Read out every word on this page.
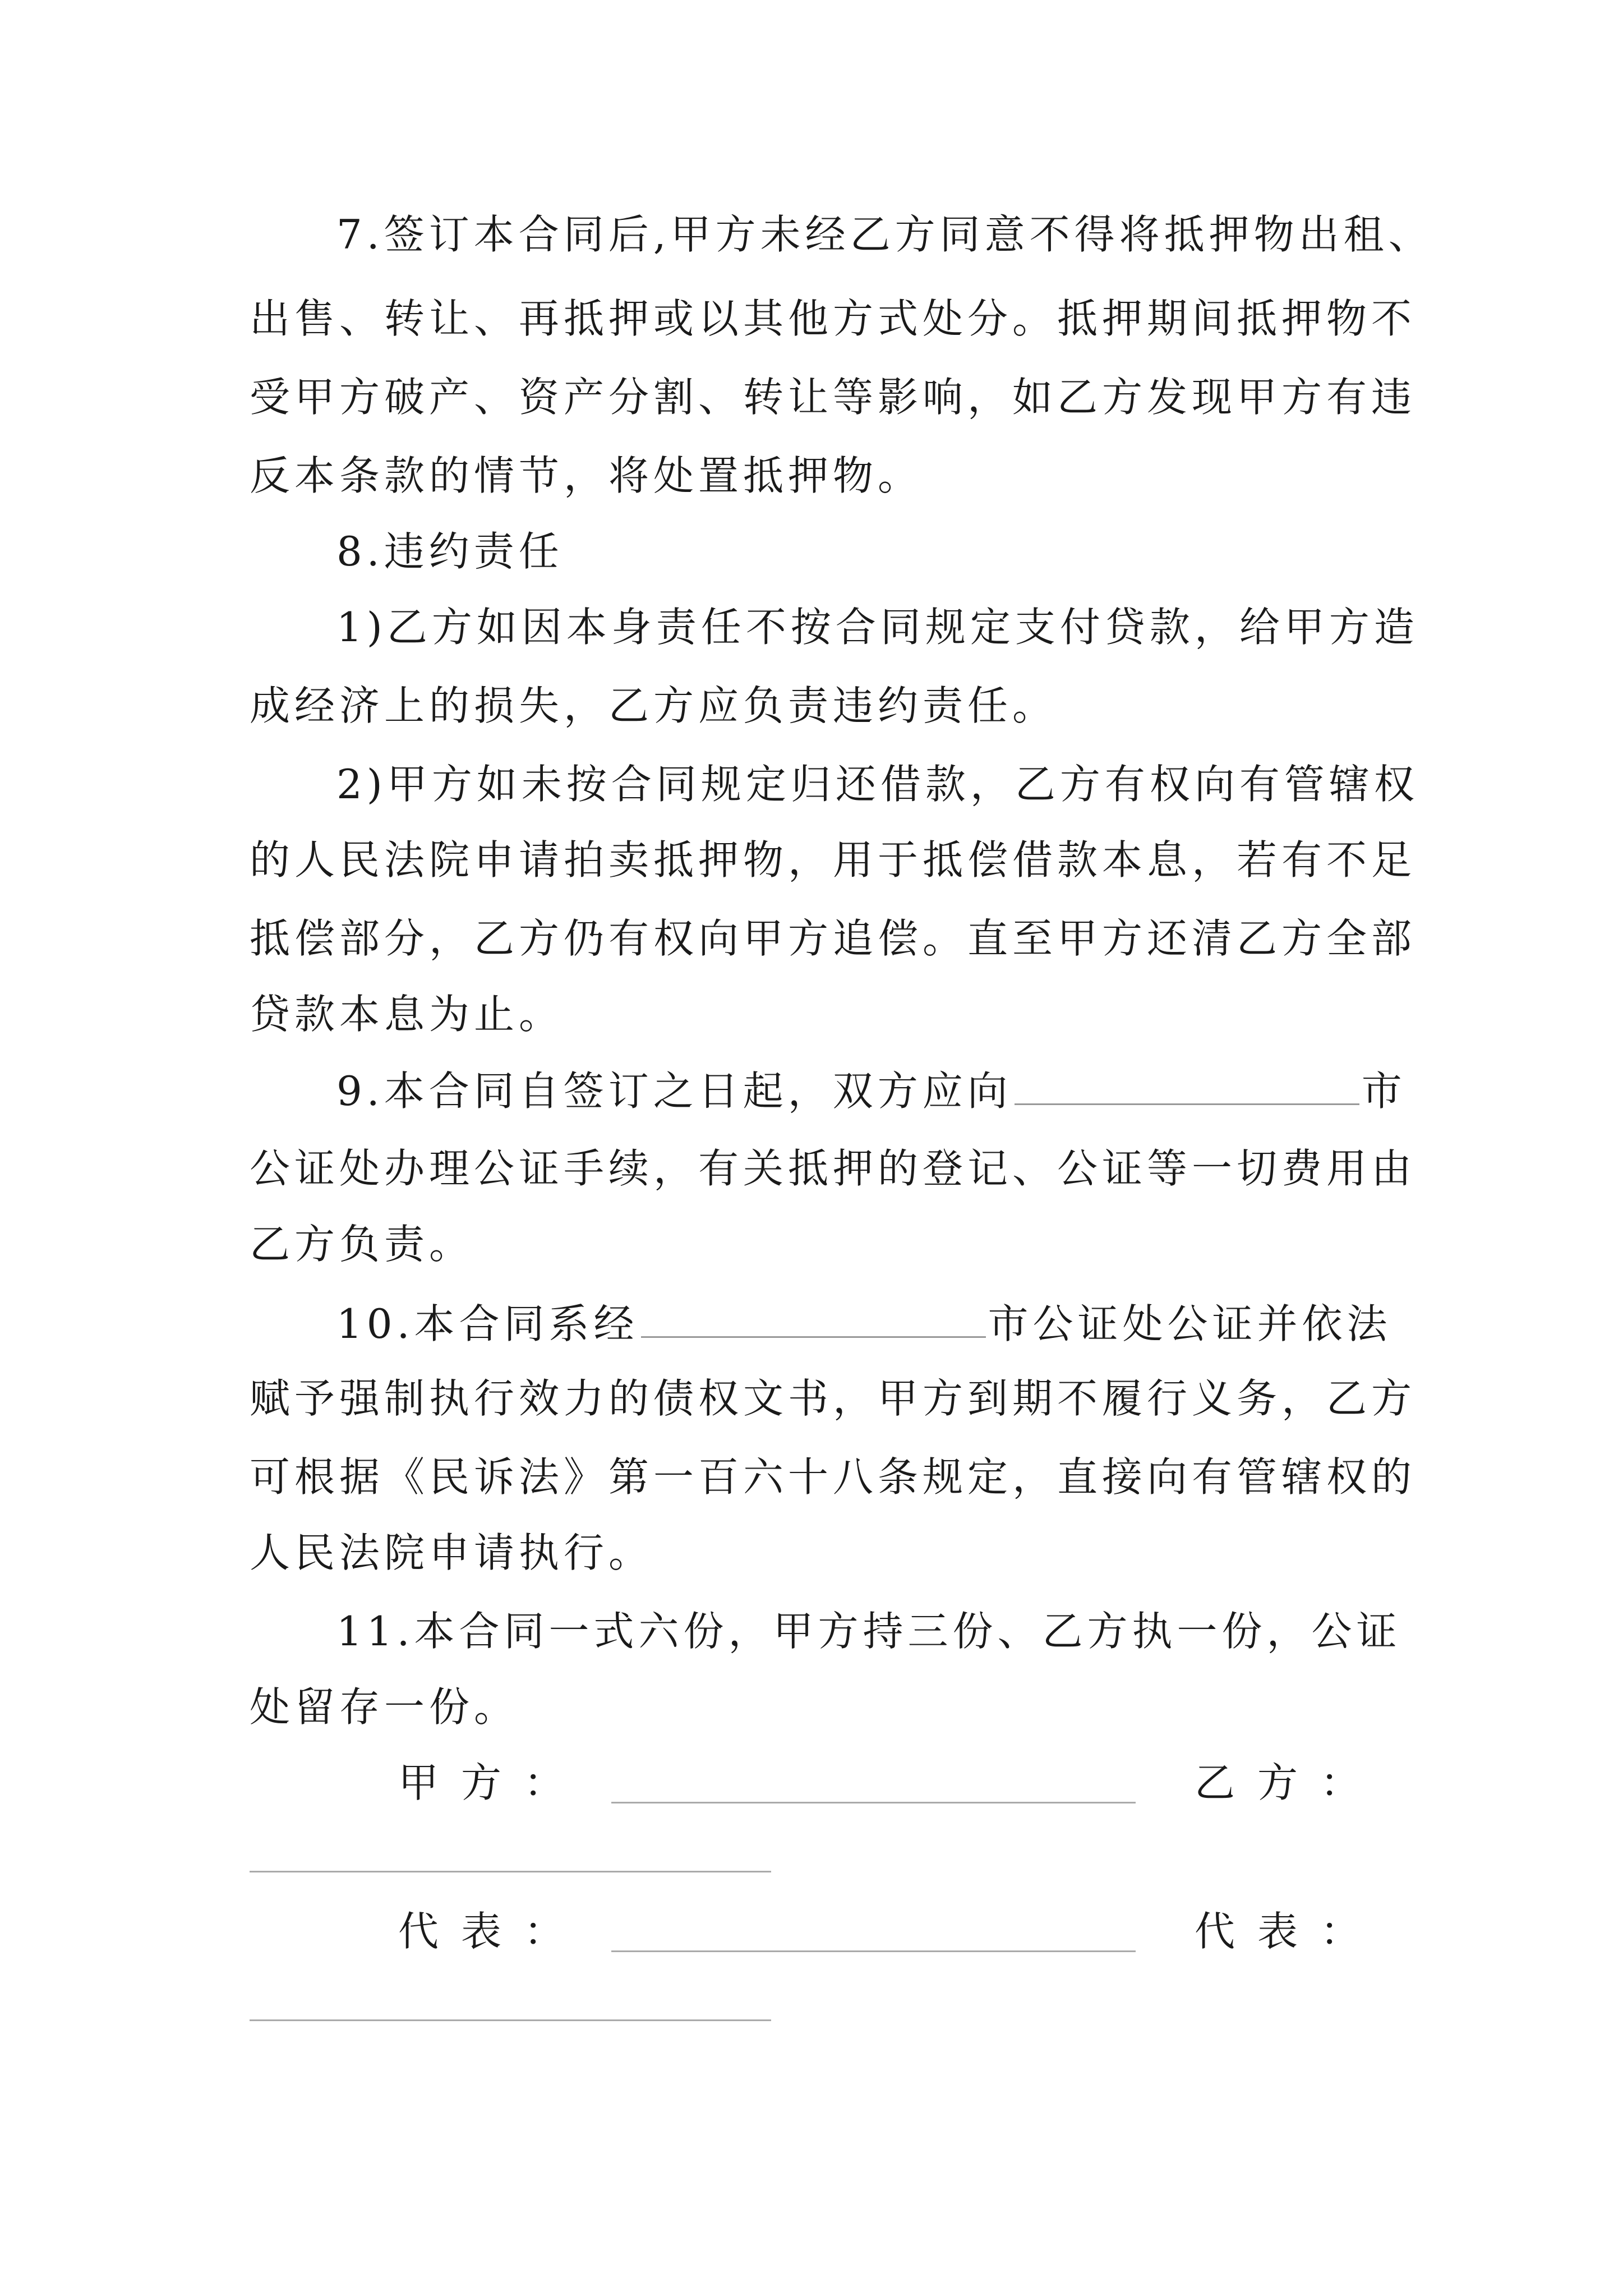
7.签订本合同后,甲方未经乙方同意不得将抵押物出租、
出售、转让、再抵押或以其他方式处分。抵押期间抵押物不
受甲方破产、资产分割、转让等影响，如乙方发现甲方有违
反本条款的情节，将处置抵押物。
8.违约责任
1)乙方如因本身责任不按合同规定支付贷款，给甲方造
成经济上的损失，乙方应负责违约责任。
2)甲方如未按合同规定归还借款，乙方有权向有管辖权
的人民法院申请拍卖抵押物，用于抵偿借款本息，若有不足
抵偿部分，乙方仍有权向甲方追偿。直至甲方还清乙方全部
贷款本息为止。
9.本合同自签订之日起，双方应向	市
公证处办理公证手续，有关抵押的登记、公证等一切费用由
乙方负责。
10.本合同系经	市公证处公证并依法
赋予强制执行效力的债权文书，甲方到期不履行义务，乙方
可根据《民诉法》第一百六十八条规定，直接向有管辖权的
人民法院申请执行。
11.本合同一式六份，甲方持三份、乙方执一份，公证
处留存一份。
甲方：	乙方：
代表：	代表：
